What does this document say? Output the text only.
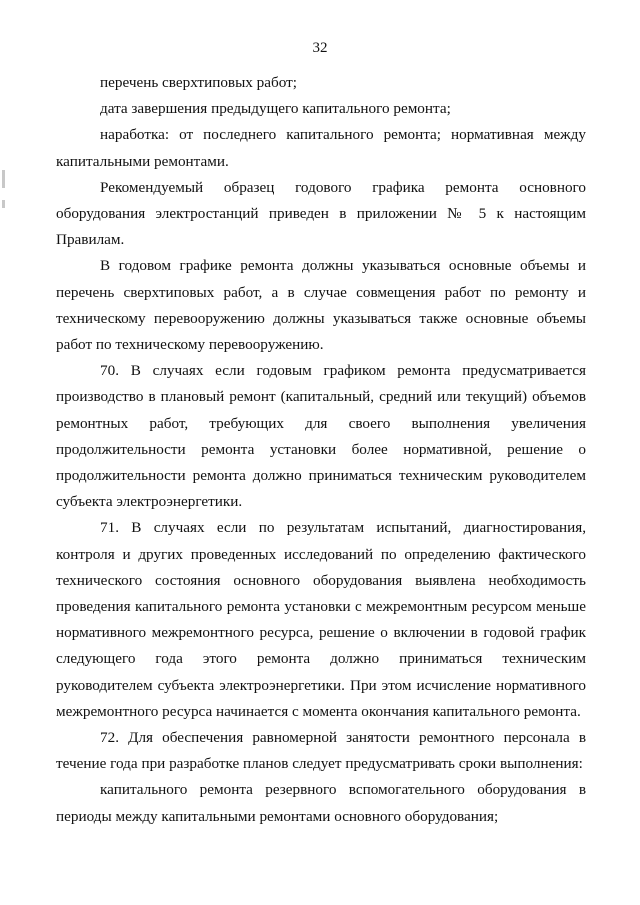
32

перечень сверхтиповых работ;

дата завершения предыдущего капитального ремонта;

наработка: от последнего капитального ремонта; нормативная между капитальными ремонтами.

Рекомендуемый образец годового графика ремонта основного оборудования электростанций приведен в приложении № 5 к настоящим Правилам.

В годовом графике ремонта должны указываться основные объемы и перечень сверхтиповых работ, а в случае совмещения работ по ремонту и техническому перевооружению должны указываться также основные объемы работ по техническому перевооружению.

70. В случаях если годовым графиком ремонта предусматривается производство в плановый ремонт (капитальный, средний или текущий) объемов ремонтных работ, требующих для своего выполнения увеличения продолжительности ремонта установки более нормативной, решение о продолжительности ремонта должно приниматься техническим руководителем субъекта электроэнергетики.

71. В случаях если по результатам испытаний, диагностирования, контроля и других проведенных исследований по определению фактического технического состояния основного оборудования выявлена необходимость проведения капитального ремонта установки с межремонтным ресурсом меньше нормативного межремонтного ресурса, решение о включении в годовой график следующего года этого ремонта должно приниматься техническим руководителем субъекта электроэнергетики. При этом исчисление нормативного межремонтного ресурса начинается с момента окончания капитального ремонта.

72. Для обеспечения равномерной занятости ремонтного персонала в течение года при разработке планов следует предусматривать сроки выполнения:

капитального ремонта резервного вспомогательного оборудования в периоды между капитальными ремонтами основного оборудования;
